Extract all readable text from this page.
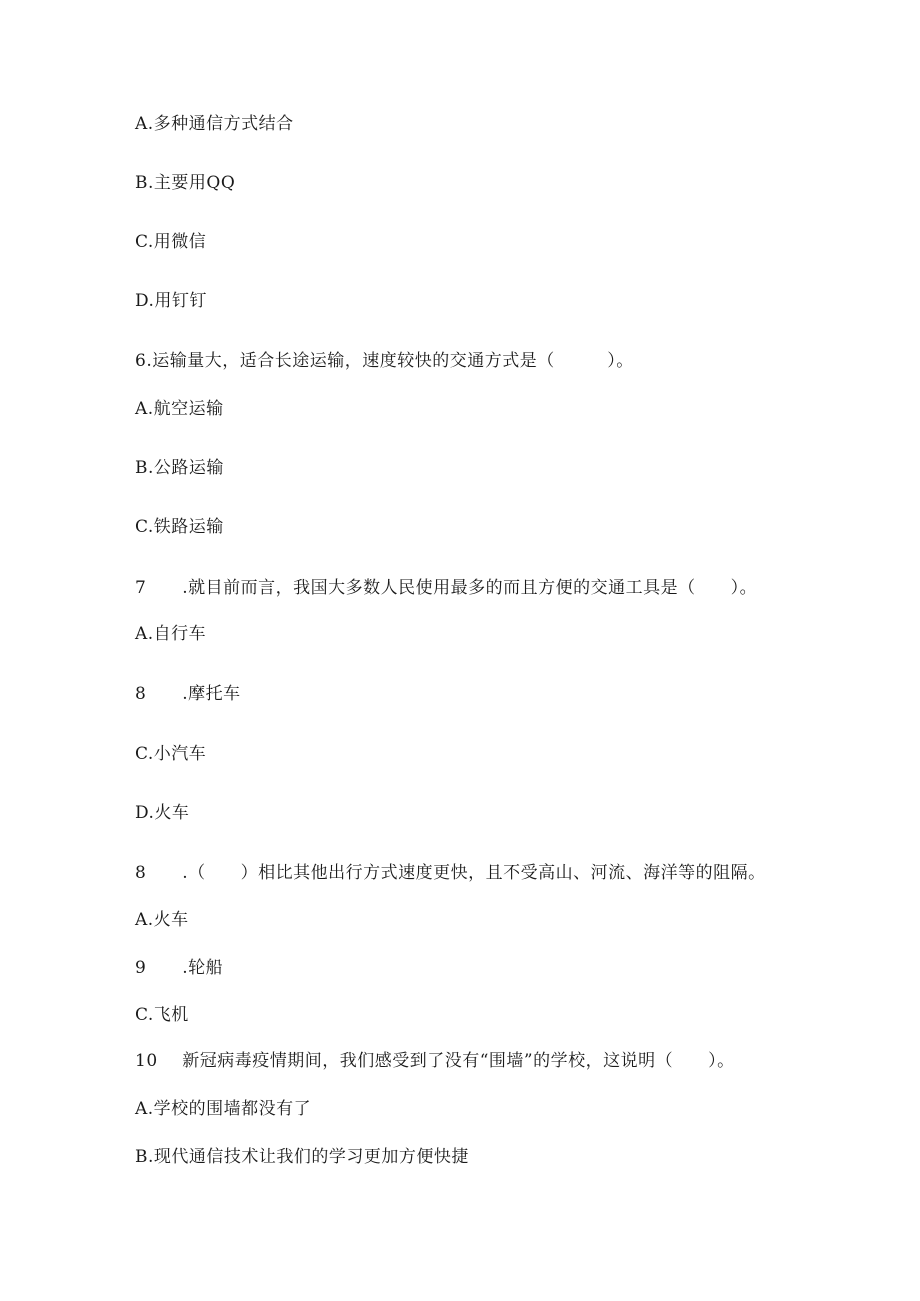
A.多种通信方式结合
B.主要用QQ
C.用微信
D.用钉钉
6.运输量大，适合长途运输，速度较快的交通方式是（　　　）。
A.航空运输
B.公路运输
C.铁路运输
7	.就目前而言，我国大多数人民使用最多的而且方便的交通工具是（　　）。
A.自行车
8	.摩托车
C.小汽车
D.火车
8	.（　　）相比其他出行方式速度更快，且不受高山、河流、海洋等的阻隔。
A.火车
9	.轮船
C.飞机
10	新冠病毒疫情期间，我们感受到了没有“围墙”的学校，这说明（　　）。
A.学校的围墙都没有了
B.现代通信技术让我们的学习更加方便快捷
